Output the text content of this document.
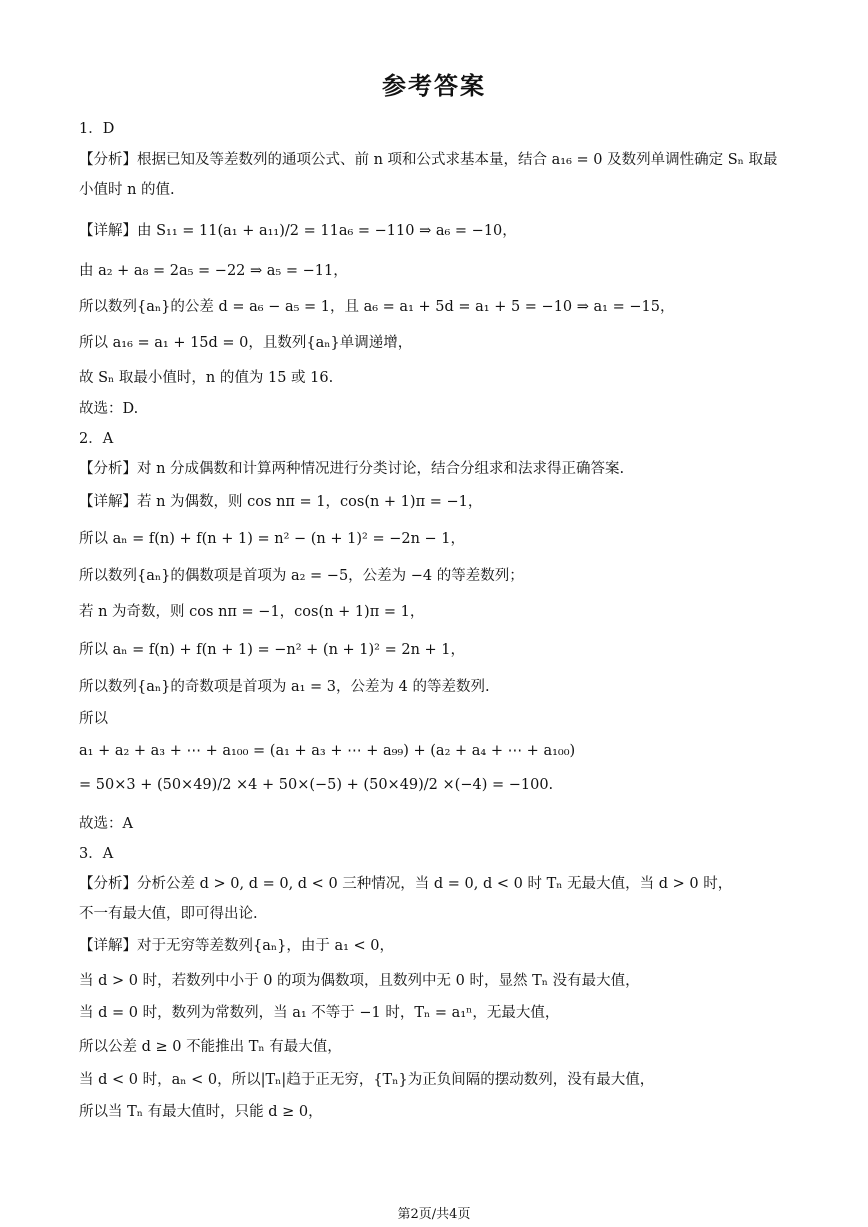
参考答案
1．D
【分析】根据已知及等差数列的通项公式、前 n 项和公式求基本量，结合 a₁₆ = 0 及数列单调性确定 Sₙ 取最
小值时 n 的值.
【详解】由 S₁₁ = 11(a₁ + a₁₁)/2 = 11a₆ = −110 ⇒ a₆ = −10，
由 a₂ + a₈ = 2a₅ = −22 ⇒ a₅ = −11，
所以数列{aₙ}的公差 d = a₆ − a₅ = 1，且 a₆ = a₁ + 5d = a₁ + 5 = −10 ⇒ a₁ = −15，
所以 a₁₆ = a₁ + 15d = 0，且数列{aₙ}单调递增，
故 Sₙ 取最小值时，n 的值为 15 或 16.
故选：D.
2．A
【分析】对 n 分成偶数和计算两种情况进行分类讨论，结合分组求和法求得正确答案.
【详解】若 n 为偶数，则 cos nπ = 1，cos(n + 1)π = −1，
所以 aₙ = f(n) + f(n + 1) = n² − (n + 1)² = −2n − 1，
所以数列{aₙ}的偶数项是首项为 a₂ = −5，公差为 −4 的等差数列；
若 n 为奇数，则 cos nπ = −1，cos(n + 1)π = 1，
所以 aₙ = f(n) + f(n + 1) = −n² + (n + 1)² = 2n + 1，
所以数列{aₙ}的奇数项是首项为 a₁ = 3，公差为 4 的等差数列.
所以
a₁ + a₂ + a₃ + ⋯ + a₁₀₀ = (a₁ + a₃ + ⋯ + a₉₉) + (a₂ + a₄ + ⋯ + a₁₀₀)
= 50×3 + (50×49)/2 ×4 + 50×(−5) + (50×49)/2 ×(−4) = −100.
故选：A
3．A
【分析】分析公差 d > 0, d = 0, d < 0 三种情况，当 d = 0, d < 0 时 Tₙ 无最大值，当 d > 0 时，
不一有最大值，即可得出论.
【详解】对于无穷等差数列{aₙ}，由于 a₁ < 0，
当 d > 0 时，若数列中小于 0 的项为偶数项，且数列中无 0 时，显然 Tₙ 没有最大值，
当 d = 0 时，数列为常数列，当 a₁ 不等于 −1 时，Tₙ = a₁ⁿ，无最大值，
所以公差 d ≥ 0 不能推出 Tₙ 有最大值，
当 d < 0 时，aₙ < 0，所以|Tₙ|趋于正无穷，{Tₙ}为正负间隔的摆动数列，没有最大值，
所以当 Tₙ 有最大值时，只能 d ≥ 0，
第2页/共4页
